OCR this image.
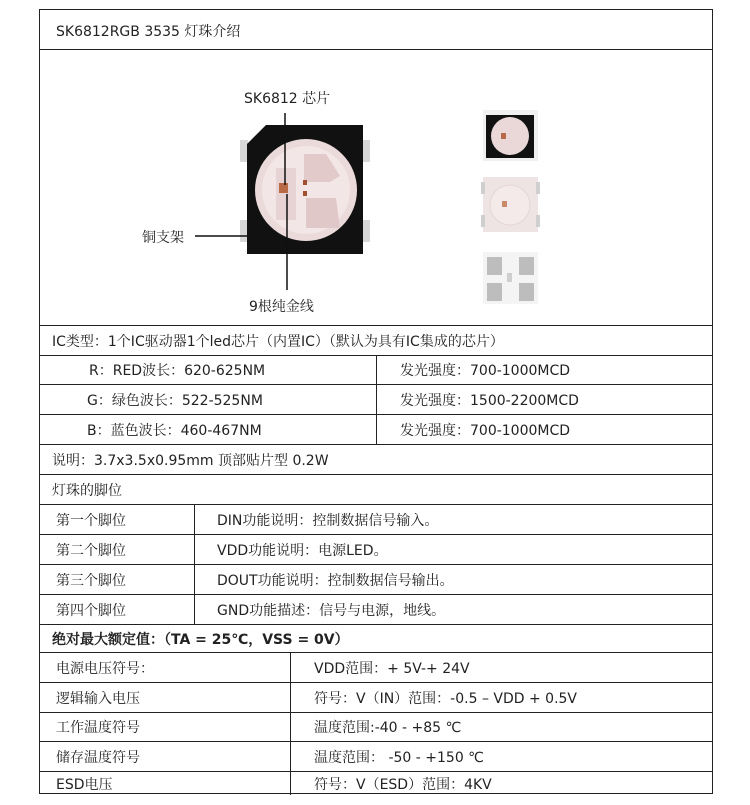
SK6812RGB 3535 灯珠介绍
SK6812 芯片
铜支架
9根纯金线
IC类型：1个IC驱动器1个led芯片（内置IC）（默认为具有IC集成的芯片）
R：RED波长：620-625NM	发光强度：700-1000MCD
G：绿色波长：522-525NM	发光强度：1500-2200MCD
B：蓝色波长：460-467NM	发光强度：700-1000MCD
说明：3.7x3.5x0.95mm 顶部贴片型 0.2W
灯珠的脚位
第一个脚位	DIN功能说明：控制数据信号输入。
第二个脚位	VDD功能说明：电源LED。
第三个脚位	DOUT功能说明：控制数据信号输出。
第四个脚位	GND功能描述：信号与电源，地线。
绝对最大额定值：（TA = 25℃，VSS = 0V）
电源电压符号：	VDD范围：+ 5V-+ 24V
逻辑输入电压	符号：V（IN）范围：-0.5 – VDD + 0.5V
工作温度符号	温度范围:-40 - +85 ℃
储存温度符号	温度范围： -50 - +150 ℃
ESD电压	符号：V（ESD）范围：4KV
